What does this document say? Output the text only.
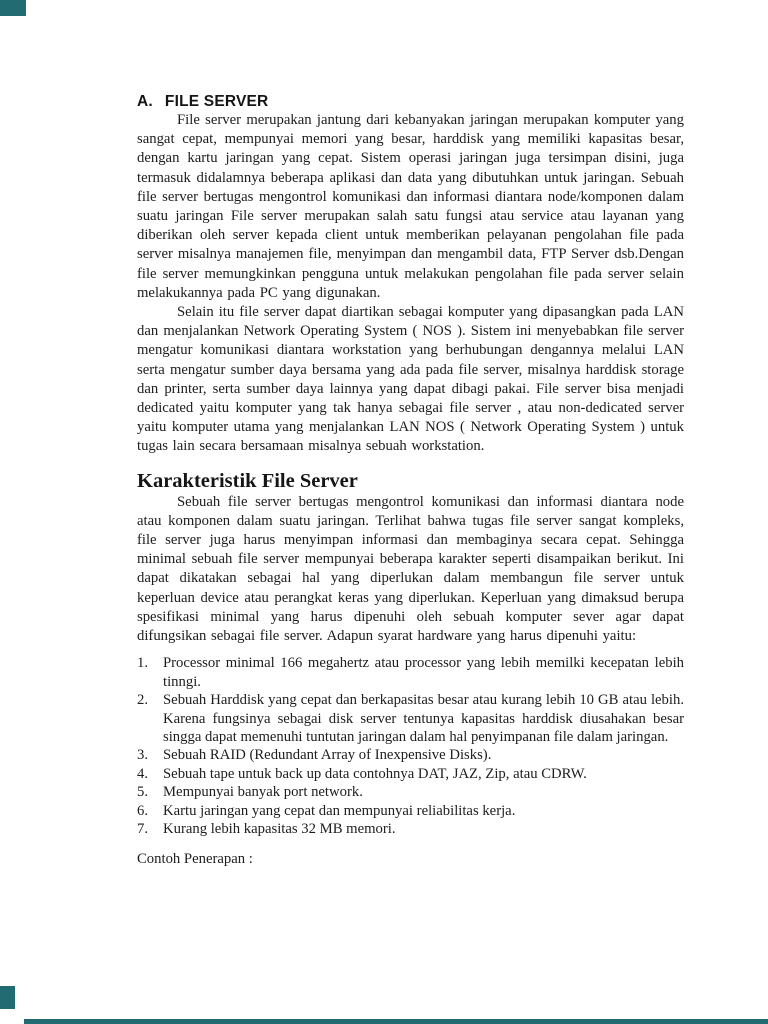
A. FILE SERVER

File server merupakan jantung dari kebanyakan jaringan merupakan komputer yang sangat cepat, mempunyai memori yang besar, harddisk yang memiliki kapasitas besar, dengan kartu jaringan yang cepat. Sistem operasi jaringan juga tersimpan disini, juga termasuk didalamnya beberapa aplikasi dan data yang dibutuhkan untuk jaringan. Sebuah file server bertugas mengontrol komunikasi dan informasi diantara node/komponen dalam suatu jaringan File server merupakan salah satu fungsi atau service atau layanan yang diberikan oleh server kepada client untuk memberikan pelayanan pengolahan file pada server misalnya manajemen file, menyimpan dan mengambil data, FTP Server dsb.Dengan file server memungkinkan pengguna untuk melakukan pengolahan file pada server selain melakukannya pada PC yang digunakan.

Selain itu file server dapat diartikan sebagai komputer yang dipasangkan pada LAN dan menjalankan Network Operating System ( NOS ). Sistem ini menyebabkan file server mengatur komunikasi diantara workstation yang berhubungan dengannya melalui LAN serta mengatur sumber daya bersama yang ada pada file server, misalnya harddisk storage dan printer, serta sumber daya lainnya yang dapat dibagi pakai. File server bisa menjadi dedicated yaitu komputer yang tak hanya sebagai file server , atau non-dedicated server yaitu komputer utama yang menjalankan LAN NOS ( Network Operating System ) untuk tugas lain secara bersamaan misalnya sebuah workstation.

Karakteristik File Server

Sebuah file server bertugas mengontrol komunikasi dan informasi diantara node atau komponen dalam suatu jaringan. Terlihat bahwa tugas file server sangat kompleks, file server juga harus menyimpan informasi dan membaginya secara cepat. Sehingga minimal sebuah file server mempunyai beberapa karakter seperti disampaikan berikut. Ini dapat dikatakan sebagai hal yang diperlukan dalam membangun file server untuk keperluan device atau perangkat keras yang diperlukan. Keperluan yang dimaksud berupa spesifikasi minimal yang harus dipenuhi oleh sebuah komputer sever agar dapat difungsikan sebagai file server. Adapun syarat hardware yang harus dipenuhi yaitu:

1.	Processor minimal 166 megahertz atau processor yang lebih memilki kecepatan lebih tinngi.
2.	Sebuah Harddisk yang cepat dan berkapasitas besar atau kurang lebih 10 GB atau lebih. Karena fungsinya sebagai disk server tentunya kapasitas harddisk diusahakan besar singga dapat memenuhi tuntutan jaringan dalam hal penyimpanan file dalam jaringan.
3.	Sebuah RAID (Redundant Array of Inexpensive Disks).
4.	Sebuah tape untuk back up data contohnya DAT, JAZ, Zip, atau CDRW.
5.	Mempunyai banyak port network.
6.	Kartu jaringan yang cepat dan mempunyai reliabilitas kerja.
7.	Kurang lebih kapasitas 32 MB memori.

Contoh Penerapan :
